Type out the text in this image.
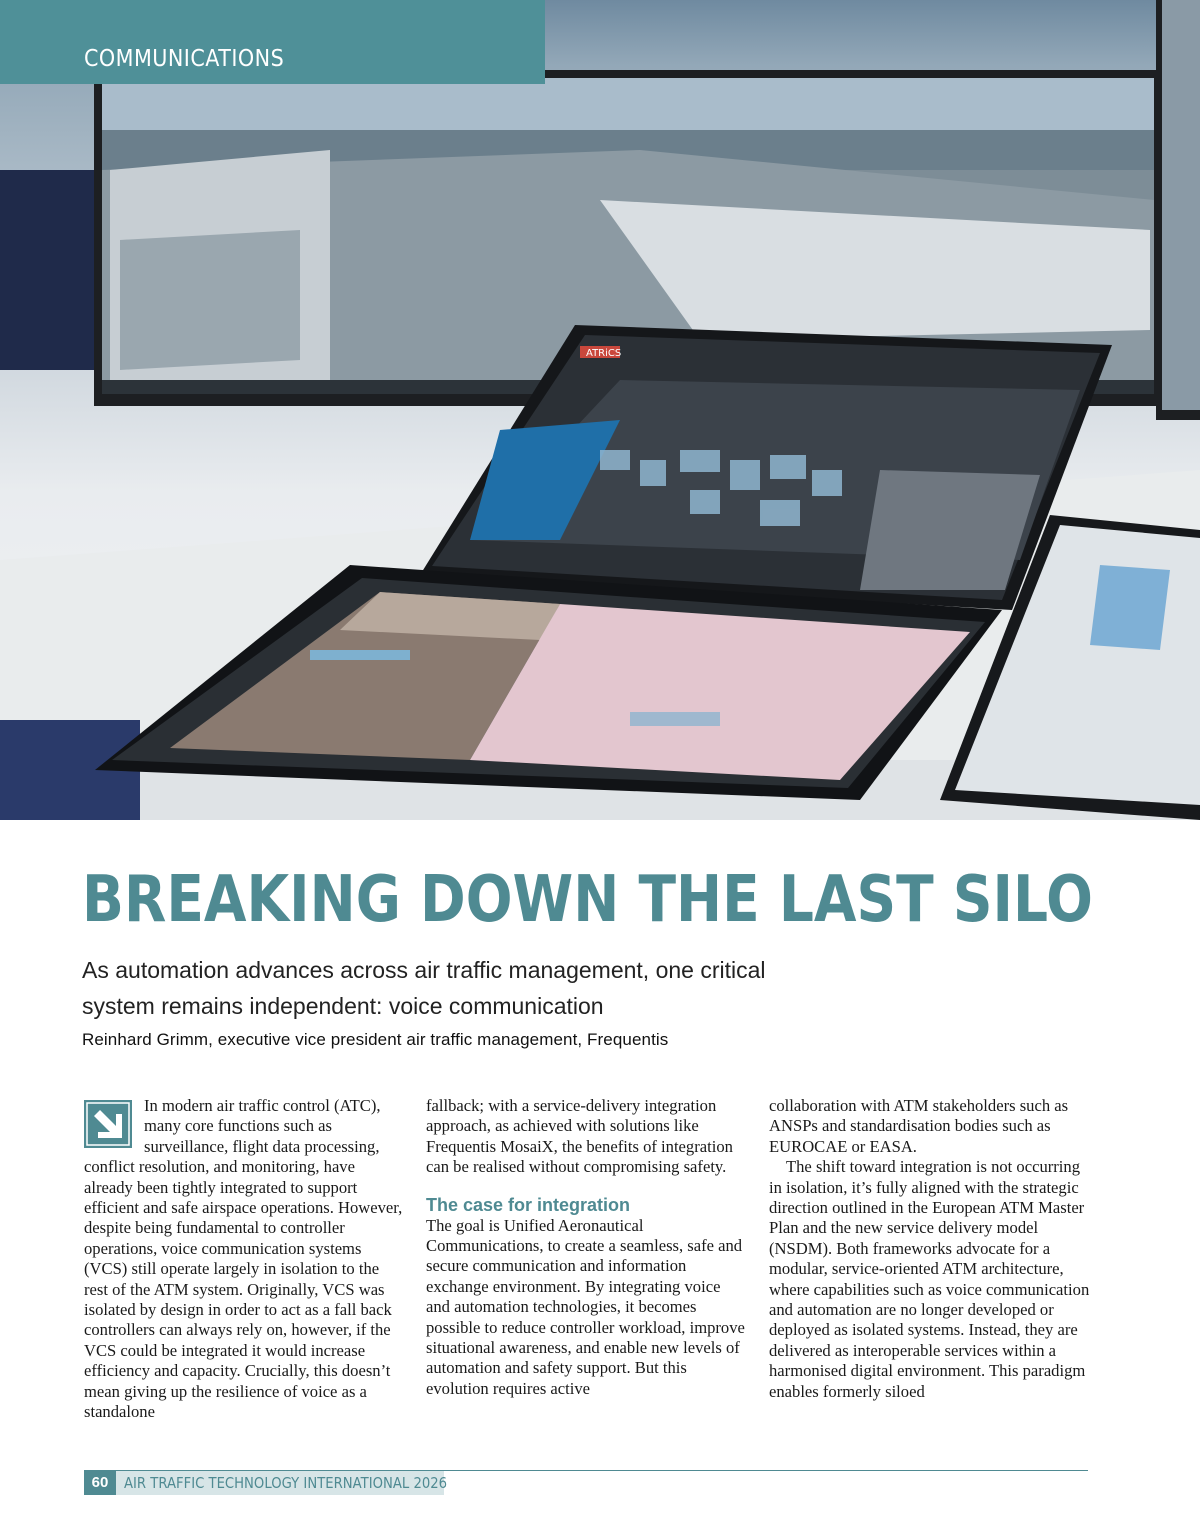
ATRiCS
COMMUNICATIONS
BREAKING DOWN THE LAST SILO
As automation advances across air traffic management, one critical system remains independent: voice communication
Reinhard Grimm, executive vice president air traffic management, Frequentis

In modern air traffic control (ATC), many core functions such as surveillance, flight data processing, conflict resolution, and monitoring, have already been tightly integrated to support efficient and safe airspace operations. However, despite being fundamental to controller operations, voice communication systems (VCS) still operate largely in isolation to the rest of the ATM system. Originally, VCS was isolated by design in order to act as a fall back controllers can always rely on, however, if the VCS could be integrated it would increase efficiency and capacity. Crucially, this doesn’t mean giving up the resilience of voice as a standalone

fallback; with a service-delivery integration approach, as achieved with solutions like Frequentis MosaiX, the benefits of integration can be realised without compromising safety.

The case for integration

The goal is Unified Aeronautical Communications, to create a seamless, safe and secure communication and information exchange environment. By integrating voice and automation technologies, it becomes possible to reduce controller workload, improve situational awareness, and enable new levels of automation and safety support. But this evolution requires active

collaboration with ATM stakeholders such as ANSPs and standardisation bodies such as EUROCAE or EASA.

The shift toward integration is not occurring in isolation, it’s fully aligned with the strategic direction outlined in the European ATM Master Plan and the new service delivery model (NSDM). Both frameworks advocate for a modular, service-oriented ATM architecture, where capabilities such as voice communication and automation are no longer developed or deployed as isolated systems. Instead, they are delivered as interoperable services within a harmonised digital environment. This paradigm enables formerly siloed

60	AIR TRAFFIC TECHNOLOGY INTERNATIONAL 2026
